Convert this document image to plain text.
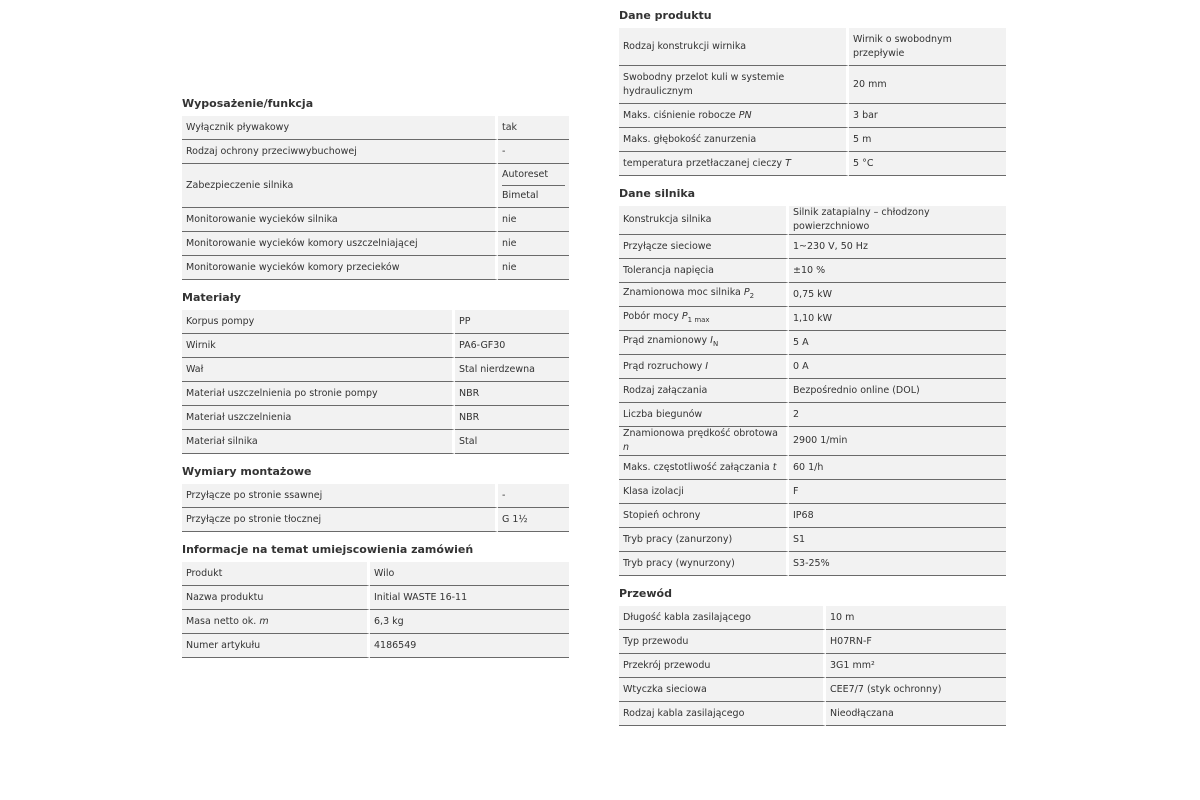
Wyposażenie/funkcja
Wyłącznik pływakowy	tak
Rodzaj ochrony przeciwwybuchowej	-
Zabezpieczenie silnika	Autoreset
Bimetal

Monitorowanie wycieków silnika	nie
Monitorowanie wycieków komory uszczelniającej	nie
Monitorowanie wycieków komory przecieków	nie
Materiały
Korpus pompy	PP
Wirnik	PA6-GF30
Wał	Stal nierdzewna
Materiał uszczelnienia po stronie pompy	NBR
Materiał uszczelnienia	NBR
Materiał silnika	Stal
Wymiary montażowe
Przyłącze po stronie ssawnej	-
Przyłącze po stronie tłocznej	G 1½
Informacje na temat umiejscowienia zamówień
Produkt	Wilo
Nazwa produktu	Initial WASTE 16-11
Masa netto ok. m	6,3 kg
Numer artykułu	4186549
Dane produktu
Rodzaj konstrukcji wirnika	Wirnik o swobodnym przepływie
Swobodny przelot kuli w systemie hydraulicznym	20 mm
Maks. ciśnienie robocze PN	3 bar
Maks. głębokość zanurzenia	5 m
temperatura przetłaczanej cieczy T	5 °C
Dane silnika
Konstrukcja silnika	Silnik zatapialny – chłodzony powierzchniowo
Przyłącze sieciowe	1~230 V, 50 Hz
Tolerancja napięcia	±10 %
Znamionowa moc silnika $P_2$	0,75 kW
Pobór mocy $P_{1 max}$	1,10 kW
Prąd znamionowy $I_N$	5 A
Prąd rozruchowy I	0 A
Rodzaj załączania	Bezpośrednio online (DOL)
Liczba biegunów	2
Znamionowa prędkość obrotowa n	2900 1/min
Maks. częstotliwość załączania t	60 1/h
Klasa izolacji	F
Stopień ochrony	IP68
Tryb pracy (zanurzony)	S1
Tryb pracy (wynurzony)	S3-25%
Przewód
Długość kabla zasilającego	10 m
Typ przewodu	H07RN-F
Przekrój przewodu	3G1 mm²
Wtyczka sieciowa	CEE7/7 (styk ochronny)
Rodzaj kabla zasilającego	Nieodłączana
